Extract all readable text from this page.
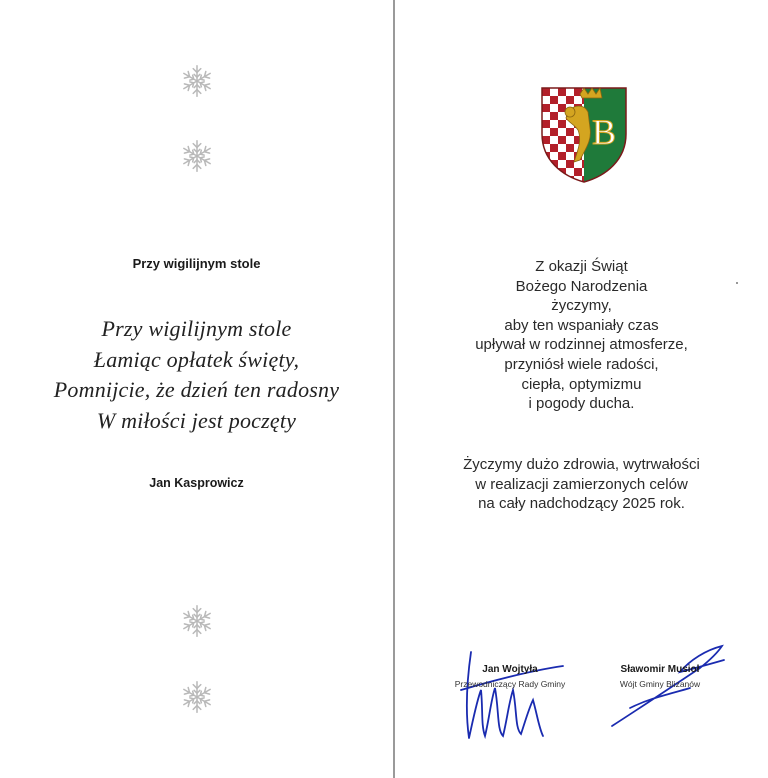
Przy wigilijnym stole
Przy wigilijnym stole
Łamiąc opłatek święty,
Pomnijcie, że dzień ten radosny
W miłości jest poczęty
Jan Kasprowicz
B
Z okazji Świąt
Bożego Narodzenia
życzymy,
aby ten wspaniały czas
upływał w rodzinnej atmosferze,
przyniósł wiele radości,
ciepła, optymizmu
i pogody ducha.
Życzymy dużo zdrowia, wytrwałości
w realizacji zamierzonych celów
na cały nadchodzący 2025 rok.
Jan Wojtyła
Przewodniczący Rady Gminy
Sławomir Musioł
Wójt Gminy Blizanów
